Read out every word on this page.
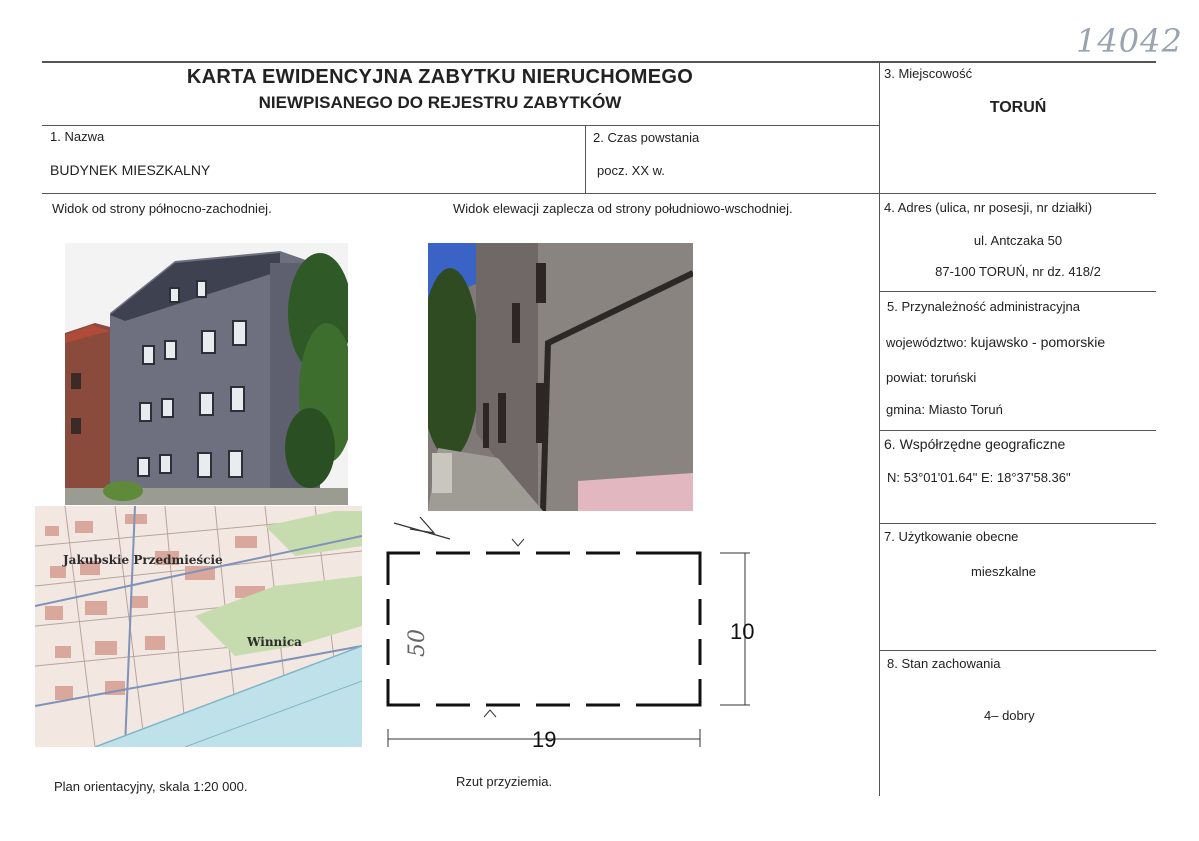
14042
KARTA EWIDENCYJNA ZABYTKU NIERUCHOMEGO
NIEWPISANEGO DO REJESTRU ZABYTKÓW
1. Nazwa
BUDYNEK MIESZKALNY
2. Czas powstania
pocz. XX w.
3. Miejscowość
TORUŃ
4. Adres (ulica, nr posesji, nr działki)
ul. Antczaka 50
87-100 TORUŃ, nr dz. 418/2
5. Przynależność administracyjna
województwo: kujawsko - pomorskie
powiat: toruński
gmina: Miasto Toruń
6. Współrzędne geograficzne
N: 53°01'01.64" E: 18°37'58.36"
7. Użytkowanie obecne
mieszkalne
8. Stan zachowania
4– dobry
Widok od strony północno-zachodniej.	Widok elewacji zaplecza od strony południowo-wschodniej.
Jakubskie Przedmieście
Winnica
19
10
50
Plan orientacyjny, skala 1:20 000.	Rzut przyziemia.
